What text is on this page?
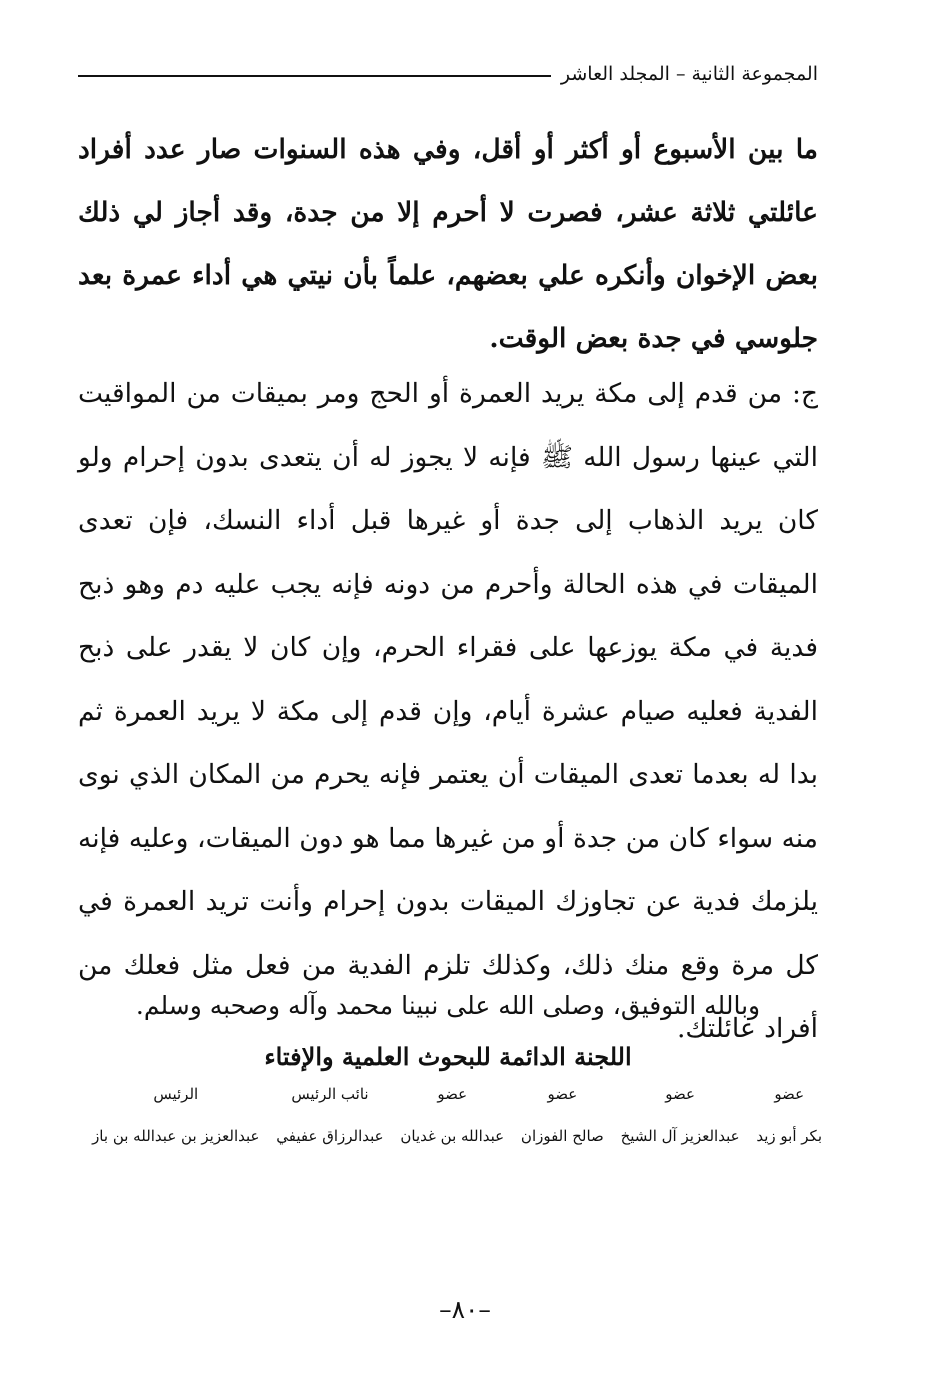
المجموعة الثانية – المجلد العاشر
ما بين الأسبوع أو أكثر أو أقل، وفي هذه السنوات صار عدد أفراد عائلتي ثلاثة عشر، فصرت لا أحرم إلا من جدة، وقد أجاز لي ذلك بعض الإخوان وأنكره علي بعضهم، علماً بأن نيتي هي أداء عمرة بعد جلوسي في جدة بعض الوقت.
ج: من قدم إلى مكة يريد العمرة أو الحج ومر بميقات من المواقيت التي عينها رسول الله ﷺ فإنه لا يجوز له أن يتعدى بدون إحرام ولو كان يريد الذهاب إلى جدة أو غيرها قبل أداء النسك، فإن تعدى الميقات في هذه الحالة وأحرم من دونه فإنه يجب عليه دم وهو ذبح فدية في مكة يوزعها على فقراء الحرم، وإن كان لا يقدر على ذبح الفدية فعليه صيام عشرة أيام، وإن قدم إلى مكة لا يريد العمرة ثم بدا له بعدما تعدى الميقات أن يعتمر فإنه يحرم من المكان الذي نوى منه سواء كان من جدة أو من غيرها مما هو دون الميقات، وعليه فإنه يلزمك فدية عن تجاوزك الميقات بدون إحرام وأنت تريد العمرة في كل مرة وقع منك ذلك، وكذلك تلزم الفدية من فعل مثل فعلك من أفراد عائلتك.
وبالله التوفيق، وصلى الله على نبينا محمد وآله وصحبه وسلم.
اللجنة الدائمة للبحوث العلمية والإفتاء
عضو
بكر أبو زيد
عضو
عبدالعزيز آل الشيخ
عضو
صالح الفوزان
عضو
عبدالله بن غديان
نائب الرئيس
عبدالرزاق عفيفي
الرئيس
عبدالعزيز بن عبدالله بن باز
–٨٠–
